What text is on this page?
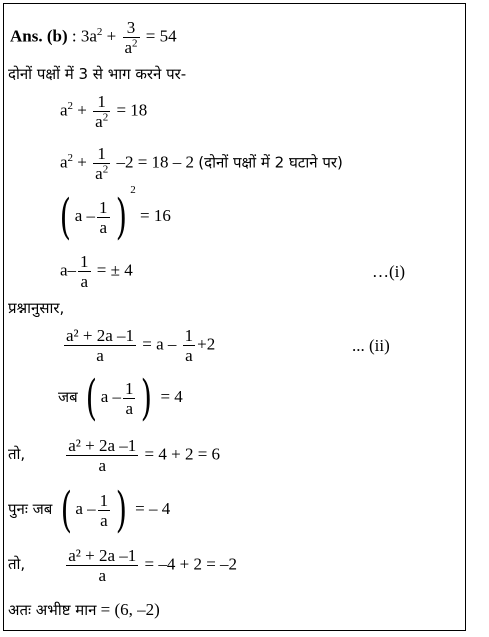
Ans. (b) : $3a^2 + \frac{3}{a^2} = 54$
दोनों पक्षों में 3 से भाग करने पर-
$a^2 + \frac{1}{a^2} = 18$
$a^2 + \frac{1}{a^2} -2 = 18 - 2$ (दोनों पक्षों में 2 घटाने पर)
( a – $\frac{1}{a}$ ) $^2$ = 16
$a- \frac{1}{a}$ = ± 4	…(i)
प्रश्नानुसार,
$\frac{\text{a² + 2a –1}}{a} = a - \frac{1}{a} +2$	... (ii)
जब ( a – $\frac{1}{a}$ ) = 4
तो, $\frac{\text{a² + 2a –1}}{a} = 4 + 2 = 6$
पुनः जब ( a – $\frac{1}{a}$ ) = – 4
तो, $\frac{\text{a² + 2a –1}}{a} = -4 + 2 = -2$
अतः अभीष्ट मान = (6, –2)
